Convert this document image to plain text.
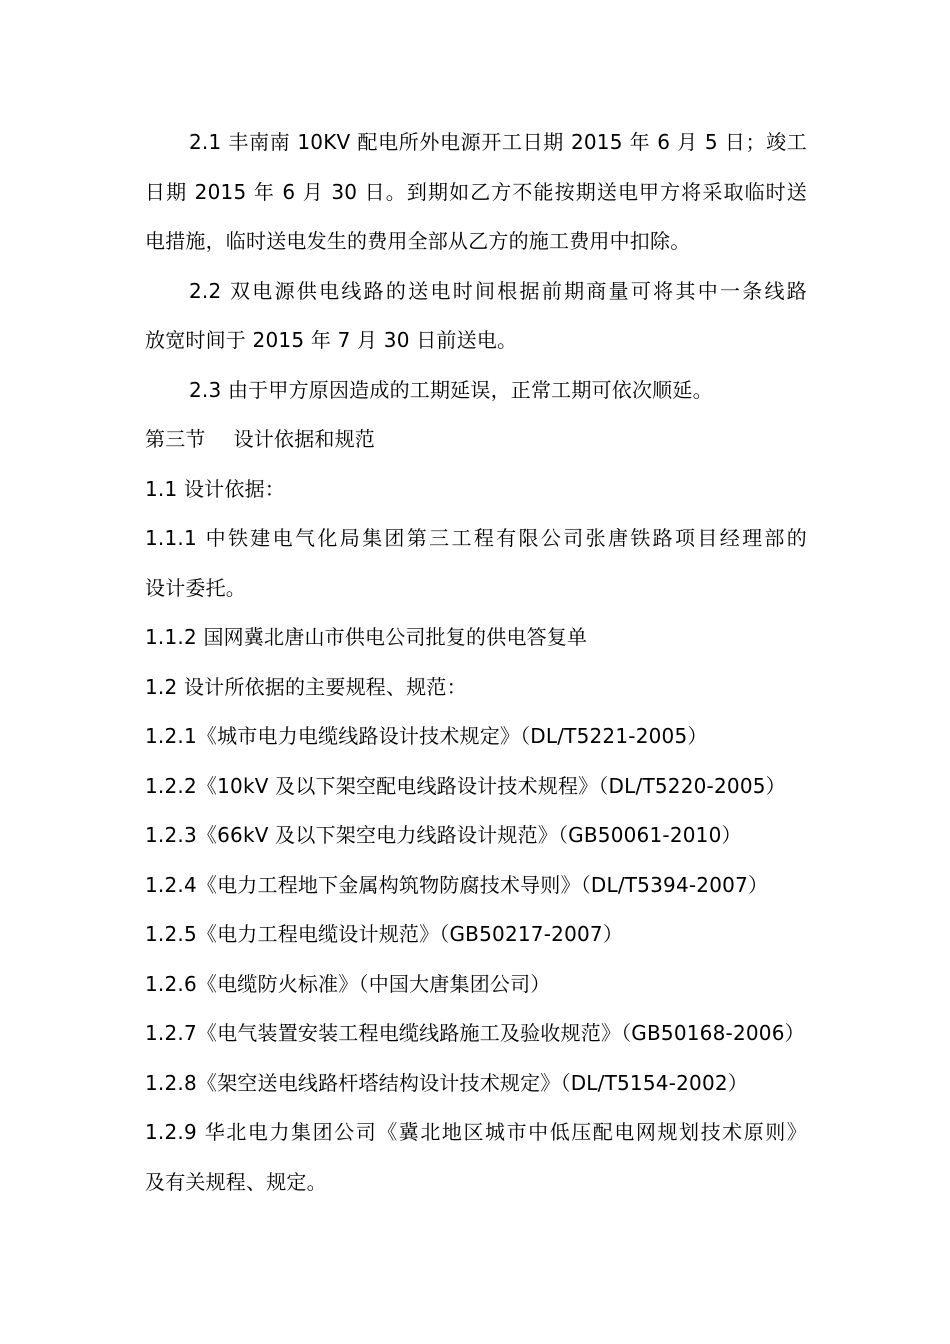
2.1 丰南南 10KV 配电所外电源开工日期 2015 年 6 月 5 日；竣工
日期 2015 年 6 月 30 日。到期如乙方不能按期送电甲方将采取临时送
电措施，临时送电发生的费用全部从乙方的施工费用中扣除。
2.2 双电源供电线路的送电时间根据前期商量可将其中一条线路
放宽时间于 2015 年 7 月 30 日前送电。
2.3 由于甲方原因造成的工期延误，正常工期可依次顺延。
第三节 设计依据和规范
1.1 设计依据：
1.1.1 中铁建电气化局集团第三工程有限公司张唐铁路项目经理部的
设计委托。
1.1.2 国网冀北唐山市供电公司批复的供电答复单
1.2 设计所依据的主要规程、规范：
1.2.1《城市电力电缆线路设计技术规定》（DL/T5221-2005）
1.2.2《10kV 及以下架空配电线路设计技术规程》（DL/T5220-2005）
1.2.3《66kV 及以下架空电力线路设计规范》（GB50061-2010）
1.2.4《电力工程地下金属构筑物防腐技术导则》（DL/T5394-2007）
1.2.5《电力工程电缆设计规范》（GB50217-2007）
1.2.6《电缆防火标准》（中国大唐集团公司）
1.2.7《电气装置安装工程电缆线路施工及验收规范》（GB50168-2006）
1.2.8《架空送电线路杆塔结构设计技术规定》（DL/T5154-2002）
1.2.9 华北电力集团公司《冀北地区城市中低压配电网规划技术原则》
及有关规程、规定。
